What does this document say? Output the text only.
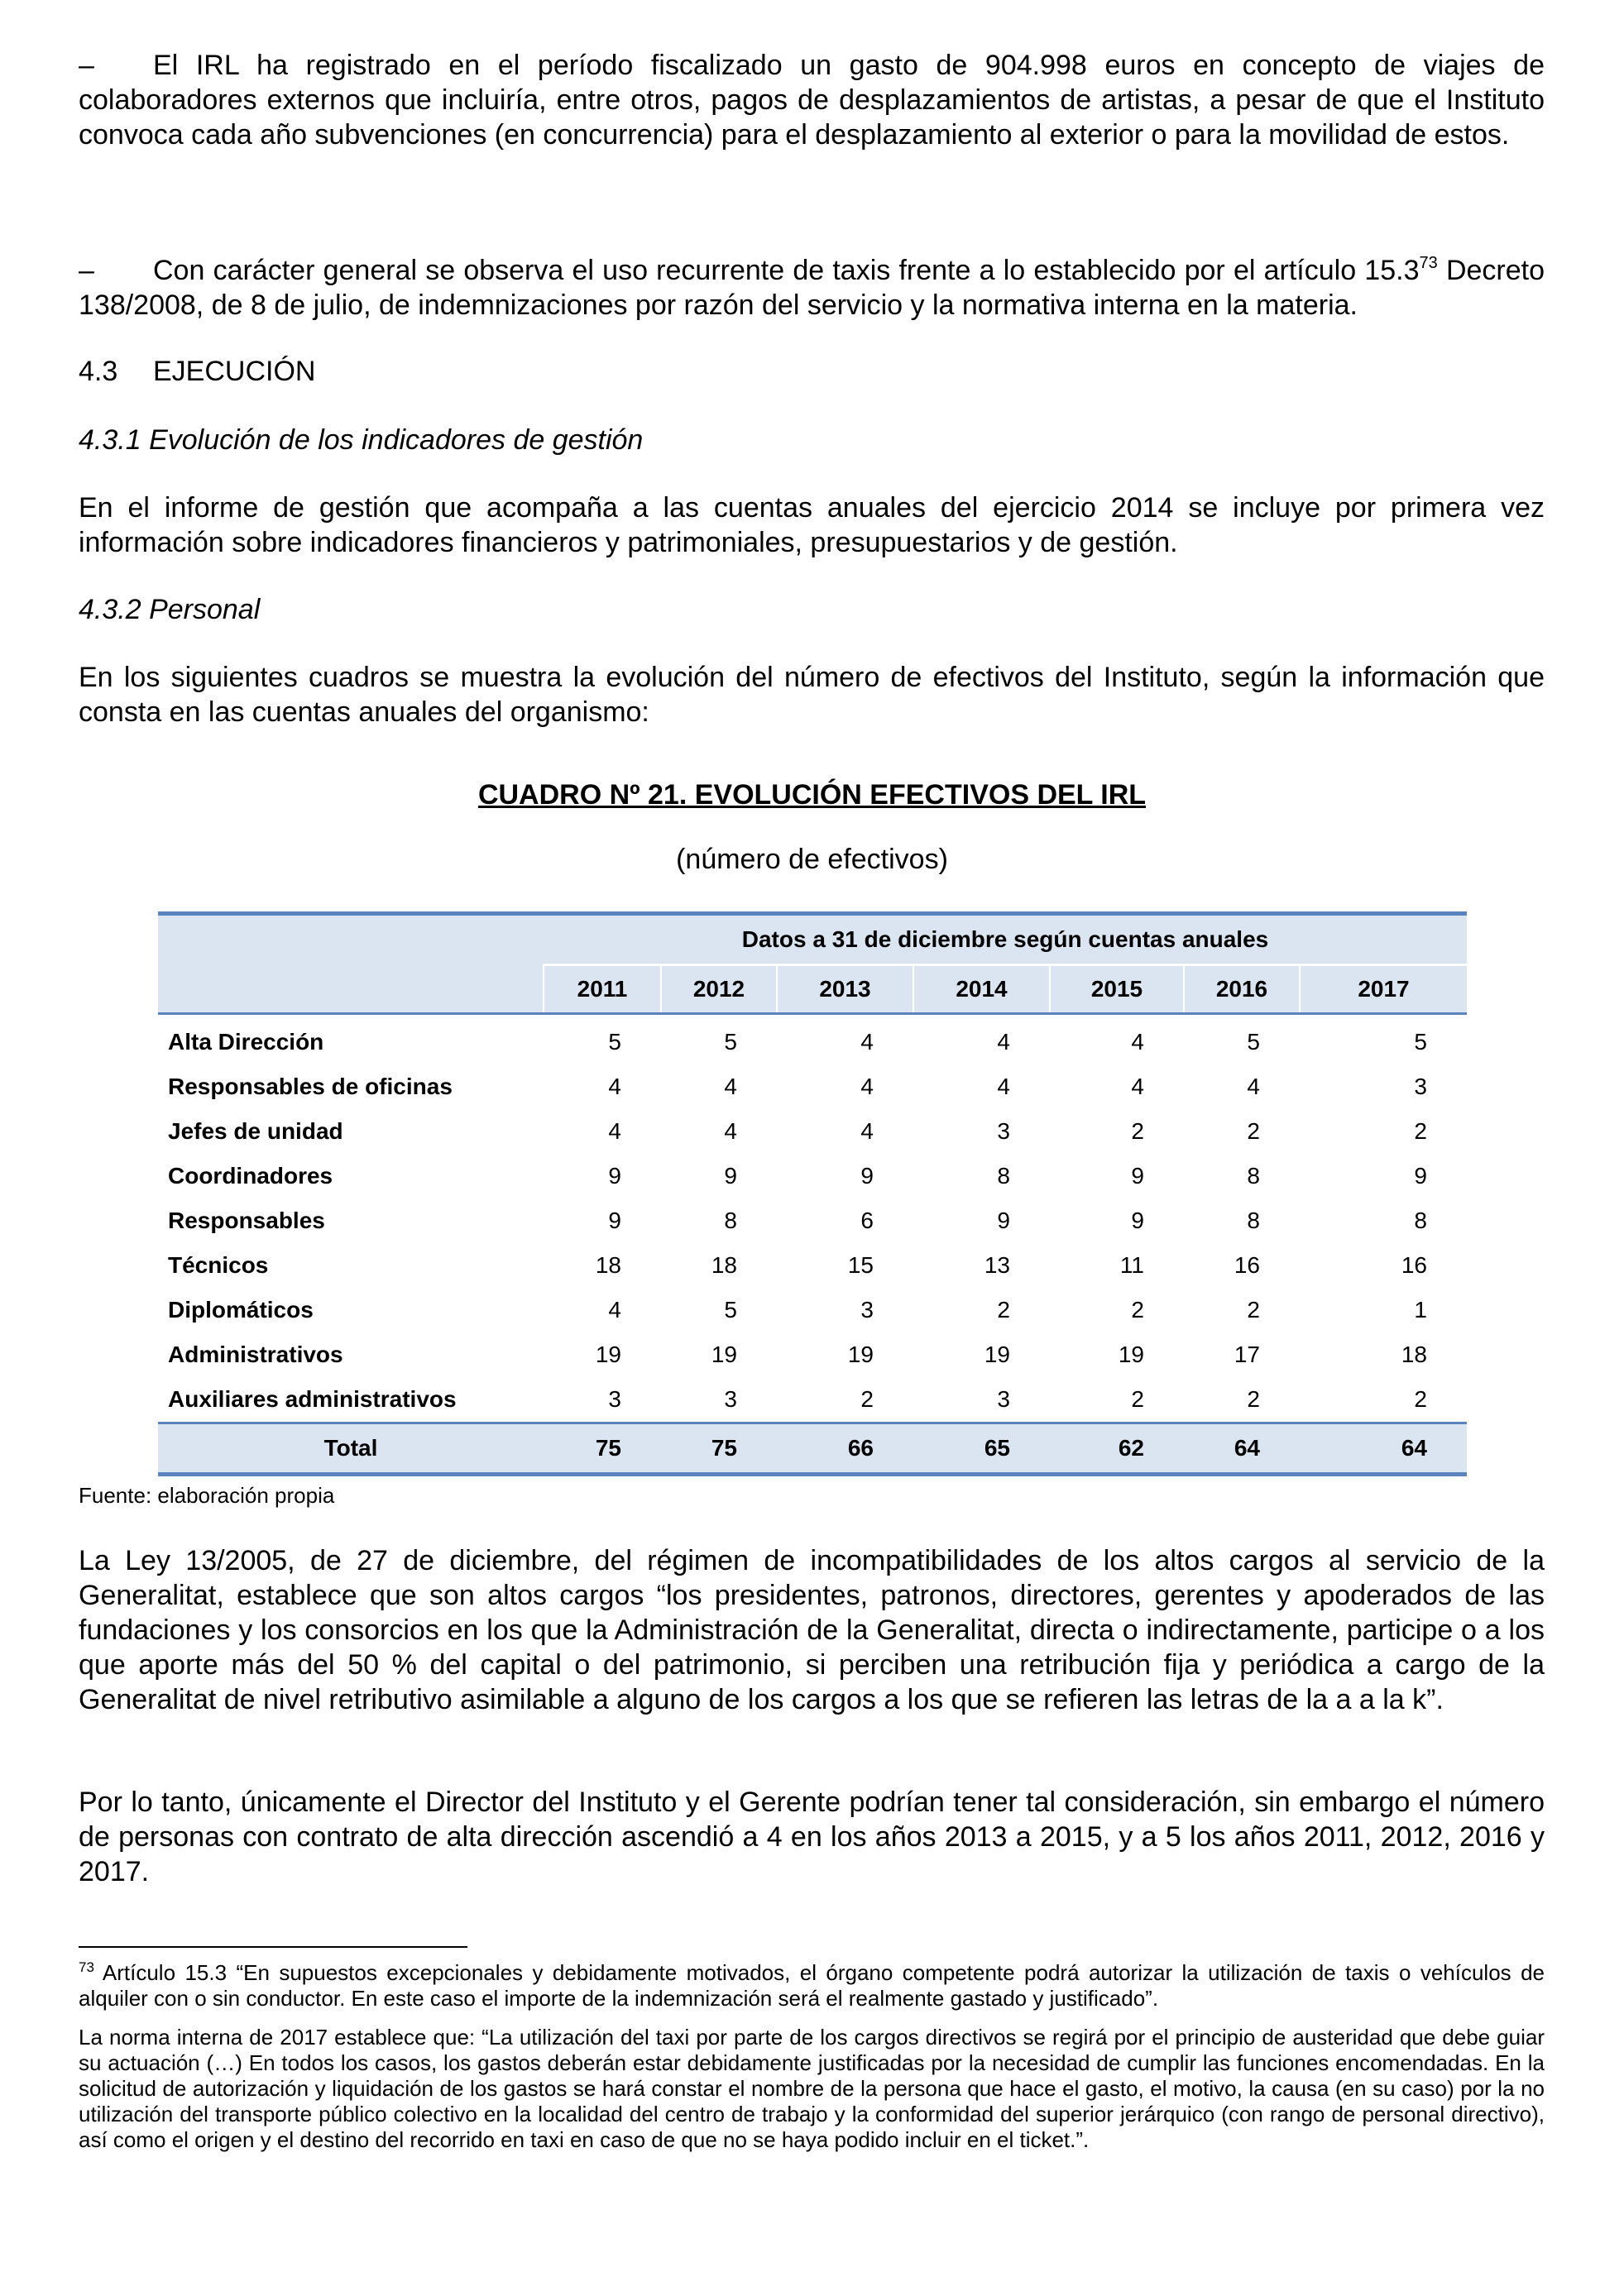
– El IRL ha registrado en el período fiscalizado un gasto de 904.998 euros en concepto de viajes de colaboradores externos que incluiría, entre otros, pagos de desplazamientos de artistas, a pesar de que el Instituto convoca cada año subvenciones (en concurrencia) para el desplazamiento al exterior o para la movilidad de estos.
– Con carácter general se observa el uso recurrente de taxis frente a lo establecido por el artículo 15.3$^{73}$ Decreto 138/2008, de 8 de julio, de indemnizaciones por razón del servicio y la normativa interna en la materia.
4.3 EJECUCIÓN
4.3.1 Evolución de los indicadores de gestión
En el informe de gestión que acompaña a las cuentas anuales del ejercicio 2014 se incluye por primera vez información sobre indicadores financieros y patrimoniales, presupuestarios y de gestión.
4.3.2 Personal
En los siguientes cuadros se muestra la evolución del número de efectivos del Instituto, según la información que consta en las cuentas anuales del organismo:
CUADRO Nº 21. EVOLUCIÓN EFECTIVOS DEL IRL
(número de efectivos)
	Datos a 31 de diciembre según cuentas anuales						
	2011	2012	2013	2014	2015	2016	2017
Alta Dirección	5	5	4	4	4	5	5
Responsables de oficinas	4	4	4	4	4	4	3
Jefes de unidad	4	4	4	3	2	2	2
Coordinadores	9	9	9	8	9	8	9
Responsables	9	8	6	9	9	8	8
Técnicos	18	18	15	13	11	16	16
Diplomáticos	4	5	3	2	2	2	1
Administrativos	19	19	19	19	19	17	18
Auxiliares administrativos	3	3	2	3	2	2	2
Total	75	75	66	65	62	64	64
Fuente: elaboración propia
La Ley 13/2005, de 27 de diciembre, del régimen de incompatibilidades de los altos cargos al servicio de la Generalitat, establece que son altos cargos “los presidentes, patronos, directores, gerentes y apoderados de las fundaciones y los consorcios en los que la Administración de la Generalitat, directa o indirectamente, participe o a los que aporte más del 50 % del capital o del patrimonio, si perciben una retribución fija y periódica a cargo de la Generalitat de nivel retributivo asimilable a alguno de los cargos a los que se refieren las letras de la a a la k”.
Por lo tanto, únicamente el Director del Instituto y el Gerente podrían tener tal consideración, sin embargo el número de personas con contrato de alta dirección ascendió a 4 en los años 2013 a 2015, y a 5 los años 2011, 2012, 2016 y 2017.
$^{73}$ Artículo 15.3 “En supuestos excepcionales y debidamente motivados, el órgano competente podrá autorizar la utilización de taxis o vehículos de alquiler con o sin conductor. En este caso el importe de la indemnización será el realmente gastado y justificado”.
La norma interna de 2017 establece que: “La utilización del taxi por parte de los cargos directivos se regirá por el principio de austeridad que debe guiar su actuación (…) En todos los casos, los gastos deberán estar debidamente justificadas por la necesidad de cumplir las funciones encomendadas. En la solicitud de autorización y liquidación de los gastos se hará constar el nombre de la persona que hace el gasto, el motivo, la causa (en su caso) por la no utilización del transporte público colectivo en la localidad del centro de trabajo y la conformidad del superior jerárquico (con rango de personal directivo), así como el origen y el destino del recorrido en taxi en caso de que no se haya podido incluir en el ticket.”.
